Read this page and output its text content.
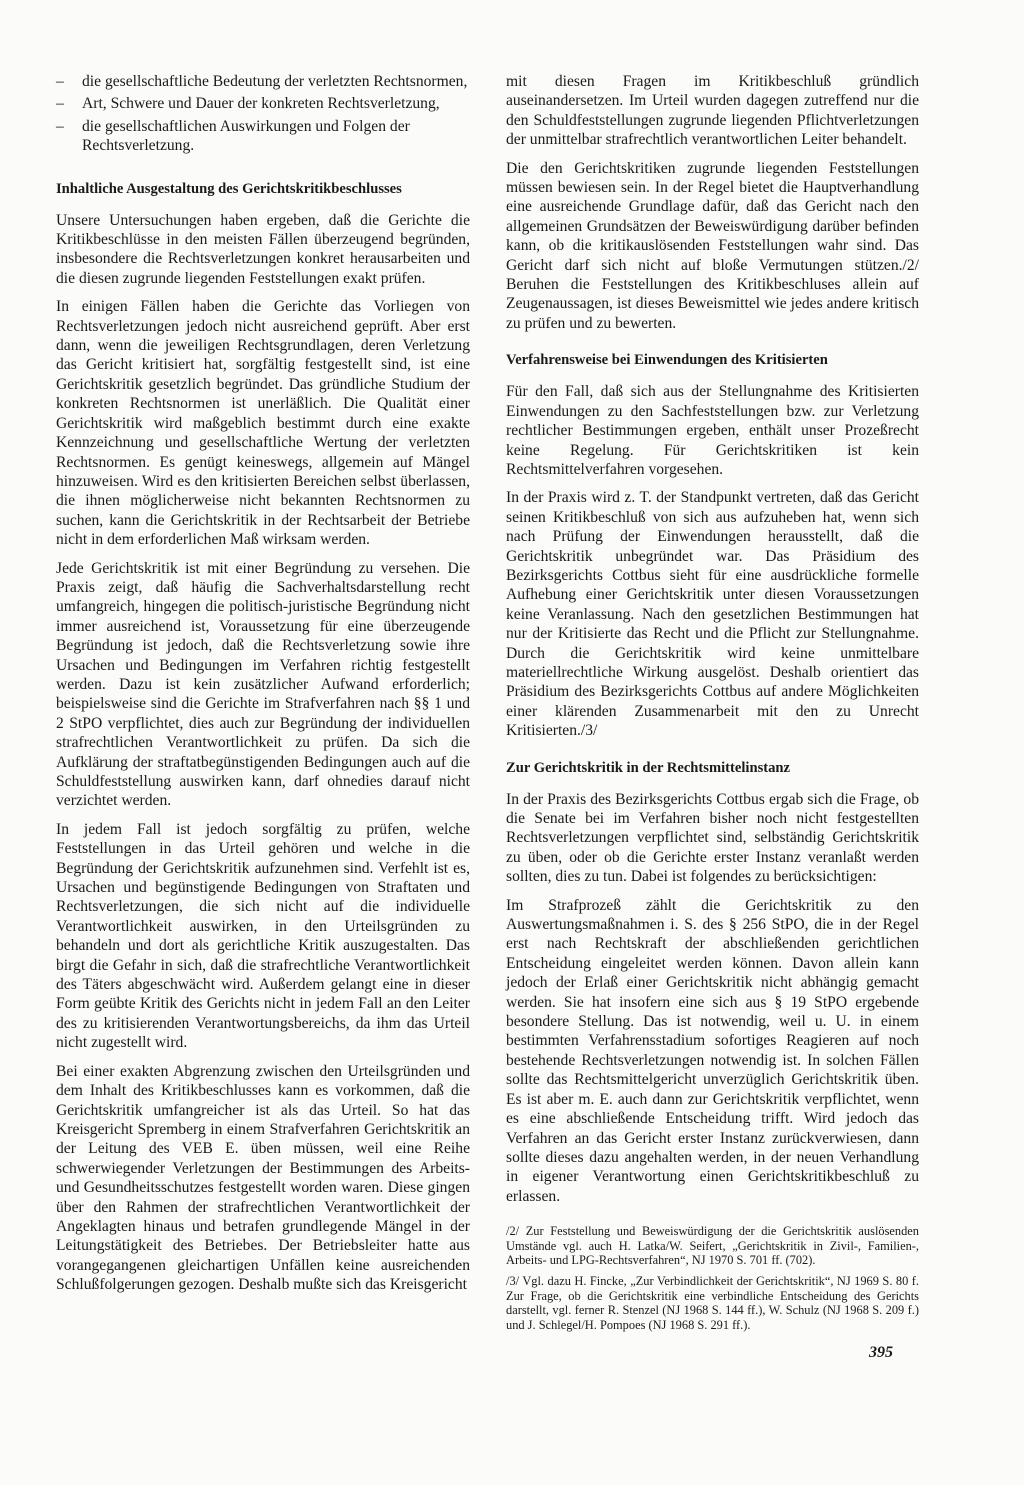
– die gesellschaftliche Bedeutung der verletzten Rechtsnormen,
– Art, Schwere und Dauer der konkreten Rechtsverletzung,
– die gesellschaftlichen Auswirkungen und Folgen der Rechtsverletzung.
Inhaltliche Ausgestaltung des Gerichtskritikbeschlusses

Unsere Untersuchungen haben ergeben, daß die Gerichte die Kritikbeschlüsse in den meisten Fällen überzeugend begründen, insbesondere die Rechtsverletzungen konkret herausarbeiten und die diesen zugrunde liegenden Feststellungen exakt prüfen.

In einigen Fällen haben die Gerichte das Vorliegen von Rechtsverletzungen jedoch nicht ausreichend geprüft. Aber erst dann, wenn die jeweiligen Rechtsgrundlagen, deren Verletzung das Gericht kritisiert hat, sorgfältig festgestellt sind, ist eine Gerichtskritik gesetzlich begründet. Das gründliche Studium der konkreten Rechtsnormen ist unerläßlich. Die Qualität einer Gerichtskritik wird maßgeblich bestimmt durch eine exakte Kennzeichnung und gesellschaftliche Wertung der verletzten Rechtsnormen. Es genügt keineswegs, allgemein auf Mängel hinzuweisen. Wird es den kritisierten Bereichen selbst überlassen, die ihnen möglicherweise nicht bekannten Rechtsnormen zu suchen, kann die Gerichtskritik in der Rechtsarbeit der Betriebe nicht in dem erforderlichen Maß wirksam werden.

Jede Gerichtskritik ist mit einer Begründung zu versehen. Die Praxis zeigt, daß häufig die Sachverhaltsdarstellung recht umfangreich, hingegen die politisch-juristische Begründung nicht immer ausreichend ist, Voraussetzung für eine überzeugende Begründung ist jedoch, daß die Rechtsverletzung sowie ihre Ursachen und Bedingungen im Verfahren richtig festgestellt werden. Dazu ist kein zusätzlicher Aufwand erforderlich; beispielsweise sind die Gerichte im Strafverfahren nach §§ 1 und 2 StPO verpflichtet, dies auch zur Begründung der individuellen strafrechtlichen Verantwortlichkeit zu prüfen. Da sich die Aufklärung der straftatbegünstigenden Bedingungen auch auf die Schuldfeststellung auswirken kann, darf ohnedies darauf nicht verzichtet werden.

In jedem Fall ist jedoch sorgfältig zu prüfen, welche Feststellungen in das Urteil gehören und welche in die Begründung der Gerichtskritik aufzunehmen sind. Verfehlt ist es, Ursachen und begünstigende Bedingungen von Straftaten und Rechtsverletzungen, die sich nicht auf die individuelle Verantwortlichkeit auswirken, in den Urteilsgründen zu behandeln und dort als gerichtliche Kritik auszugestalten. Das birgt die Gefahr in sich, daß die strafrechtliche Verantwortlichkeit des Täters abgeschwächt wird. Außerdem gelangt eine in dieser Form geübte Kritik des Gerichts nicht in jedem Fall an den Leiter des zu kritisierenden Verantwortungsbereichs, da ihm das Urteil nicht zugestellt wird.

Bei einer exakten Abgrenzung zwischen den Urteilsgründen und dem Inhalt des Kritikbeschlusses kann es vorkommen, daß die Gerichtskritik umfangreicher ist als das Urteil. So hat das Kreisgericht Spremberg in einem Strafverfahren Gerichtskritik an der Leitung des VEB E. üben müssen, weil eine Reihe schwerwiegender Verletzungen der Bestimmungen des Arbeits- und Gesundheitsschutzes festgestellt worden waren. Diese gingen über den Rahmen der strafrechtlichen Verantwortlichkeit der Angeklagten hinaus und betrafen grundlegende Mängel in der Leitungstätigkeit des Betriebes. Der Betriebsleiter hatte aus vorangegangenen gleichartigen Unfällen keine ausreichenden Schlußfolgerungen gezogen. Deshalb mußte sich das Kreisgericht

mit diesen Fragen im Kritikbeschluß gründlich auseinandersetzen. Im Urteil wurden dagegen zutreffend nur die den Schuldfeststellungen zugrunde liegenden Pflichtverletzungen der unmittelbar strafrechtlich verantwortlichen Leiter behandelt.

Die den Gerichtskritiken zugrunde liegenden Feststellungen müssen bewiesen sein. In der Regel bietet die Hauptverhandlung eine ausreichende Grundlage dafür, daß das Gericht nach den allgemeinen Grundsätzen der Beweiswürdigung darüber befinden kann, ob die kritikauslösenden Feststellungen wahr sind. Das Gericht darf sich nicht auf bloße Vermutungen stützen./2/ Beruhen die Feststellungen des Kritikbeschluses allein auf Zeugenaussagen, ist dieses Beweismittel wie jedes andere kritisch zu prüfen und zu bewerten.

Verfahrensweise bei Einwendungen des Kritisierten

Für den Fall, daß sich aus der Stellungnahme des Kritisierten Einwendungen zu den Sachfeststellungen bzw. zur Verletzung rechtlicher Bestimmungen ergeben, enthält unser Prozeßrecht keine Regelung. Für Gerichtskritiken ist kein Rechtsmittelverfahren vorgesehen.

In der Praxis wird z. T. der Standpunkt vertreten, daß das Gericht seinen Kritikbeschluß von sich aus aufzuheben hat, wenn sich nach Prüfung der Einwendungen herausstellt, daß die Gerichtskritik unbegründet war. Das Präsidium des Bezirksgerichts Cottbus sieht für eine ausdrückliche formelle Aufhebung einer Gerichtskritik unter diesen Voraussetzungen keine Veranlassung. Nach den gesetzlichen Bestimmungen hat nur der Kritisierte das Recht und die Pflicht zur Stellungnahme. Durch die Gerichtskritik wird keine unmittelbare materiellrechtliche Wirkung ausgelöst. Deshalb orientiert das Präsidium des Bezirksgerichts Cottbus auf andere Möglichkeiten einer klärenden Zusammenarbeit mit den zu Unrecht Kritisierten./3/

Zur Gerichtskritik in der Rechtsmittelinstanz

In der Praxis des Bezirksgerichts Cottbus ergab sich die Frage, ob die Senate bei im Verfahren bisher noch nicht festgestellten Rechtsverletzungen verpflichtet sind, selbständig Gerichtskritik zu üben, oder ob die Gerichte erster Instanz veranlaßt werden sollten, dies zu tun. Dabei ist folgendes zu berücksichtigen:

Im Strafprozeß zählt die Gerichtskritik zu den Auswertungsmaßnahmen i. S. des § 256 StPO, die in der Regel erst nach Rechtskraft der abschließenden gerichtlichen Entscheidung eingeleitet werden können. Davon allein kann jedoch der Erlaß einer Gerichtskritik nicht abhängig gemacht werden. Sie hat insofern eine sich aus § 19 StPO ergebende besondere Stellung. Das ist notwendig, weil u. U. in einem bestimmten Verfahrensstadium sofortiges Reagieren auf noch bestehende Rechtsverletzungen notwendig ist. In solchen Fällen sollte das Rechtsmittelgericht unverzüglich Gerichtskritik üben. Es ist aber m. E. auch dann zur Gerichtskritik verpflichtet, wenn es eine abschließende Entscheidung trifft. Wird jedoch das Verfahren an das Gericht erster Instanz zurückverwiesen, dann sollte dieses dazu angehalten werden, in der neuen Verhandlung in eigener Verantwortung einen Gerichtskritikbeschluß zu erlassen.

/2/ Zur Feststellung und Beweiswürdigung der die Gerichtskritik auslösenden Umstände vgl. auch H. Latka/W. Seifert, „Gerichtskritik in Zivil-, Familien-, Arbeits- und LPG-Rechtsverfahren“, NJ 1970 S. 701 ff. (702).

/3/ Vgl. dazu H. Fincke, „Zur Verbindlichkeit der Gerichtskritik“, NJ 1969 S. 80 f. Zur Frage, ob die Gerichtskritik eine verbindliche Entscheidung des Gerichts darstellt, vgl. ferner R. Stenzel (NJ 1968 S. 144 ff.), W. Schulz (NJ 1968 S. 209 f.) und J. Schlegel/H. Pompoes (NJ 1968 S. 291 ff.).

395
